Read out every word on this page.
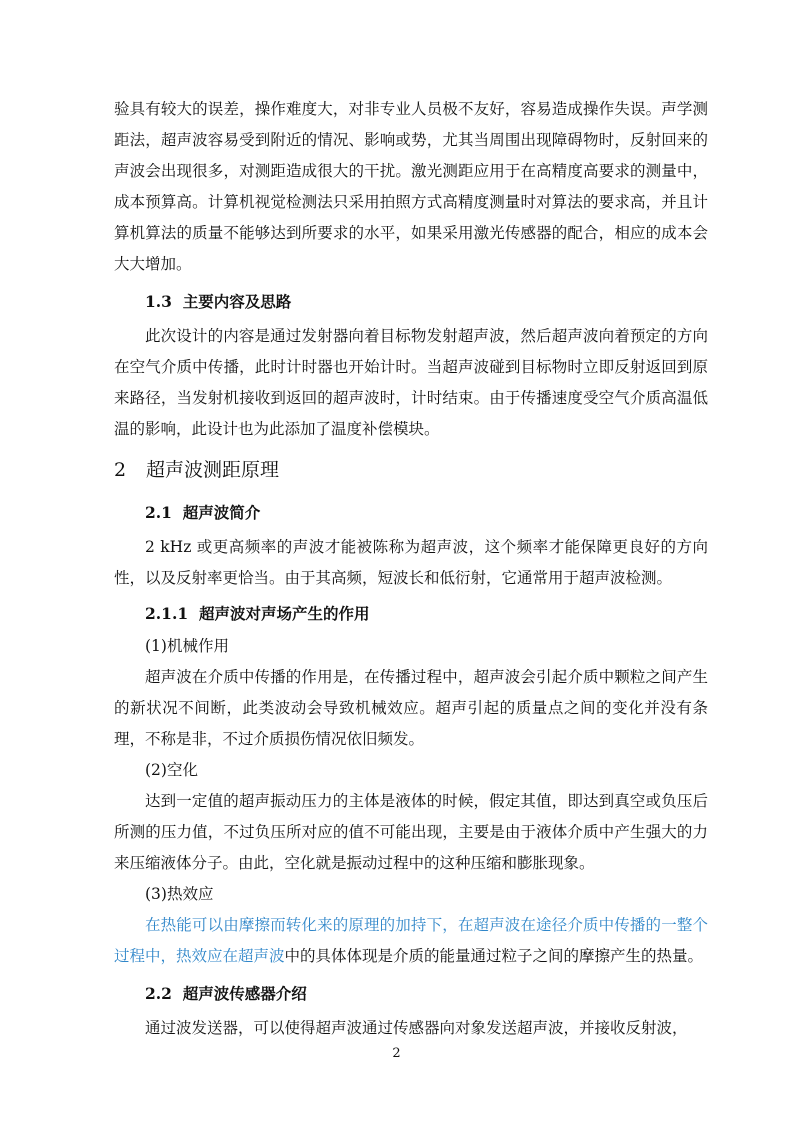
验具有较大的误差，操作难度大，对非专业人员极不友好，容易造成操作失误。声学测距法，超声波容易受到附近的情况、影响或势，尤其当周围出现障碍物时，反射回来的声波会出现很多，对测距造成很大的干扰。激光测距应用于在高精度高要求的测量中，成本预算高。计算机视觉检测法只采用拍照方式高精度测量时对算法的要求高，并且计算机算法的质量不能够达到所要求的水平，如果采用激光传感器的配合，相应的成本会大大增加。

1.3 主要内容及思路

此次设计的内容是通过发射器向着目标物发射超声波，然后超声波向着预定的方向在空气介质中传播，此时计时器也开始计时。当超声波碰到目标物时立即反射返回到原来路径，当发射机接收到返回的超声波时，计时结束。由于传播速度受空气介质高温低温的影响，此设计也为此添加了温度补偿模块。

2 超声波测距原理
2.1 超声波简介

2 kHz 或更高频率的声波才能被陈称为超声波，这个频率才能保障更良好的方向性，以及反射率更恰当。由于其高频，短波长和低衍射，它通常用于超声波检测。

2.1.1 超声波对声场产生的作用

(1)机械作用

超声波在介质中传播的作用是，在传播过程中，超声波会引起介质中颗粒之间产生的新状况不间断，此类波动会导致机械效应。超声引起的质量点之间的变化并没有条理，不称是非，不过介质损伤情况依旧频发。

(2)空化

达到一定值的超声振动压力的主体是液体的时候，假定其值，即达到真空或负压后所测的压力值，不过负压所对应的值不可能出现，主要是由于液体介质中产生强大的力来压缩液体分子。由此，空化就是振动过程中的这种压缩和膨胀现象。

(3)热效应

在热能可以由摩擦而转化来的原理的加持下，在超声波在途径介质中传播的一整个过程中，热效应在超声波中的具体体现是介质的能量通过粒子之间的摩擦产生的热量。

2.2 超声波传感器介绍

通过波发送器，可以使得超声波通过传感器向对象发送超声波，并接收反射波，

2
